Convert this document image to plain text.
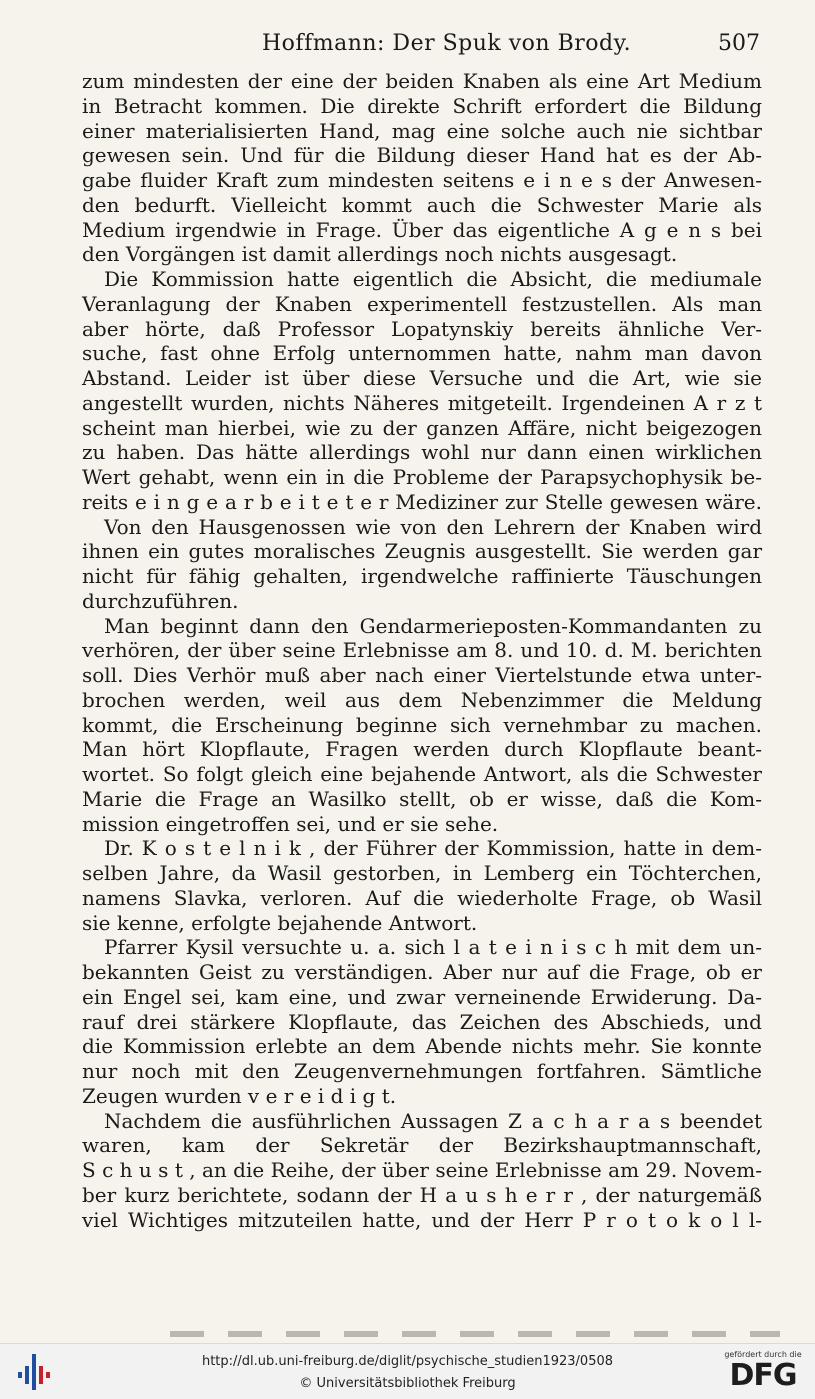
Hoffmann: Der Spuk von Brody.	507
zum mindesten der eine der beiden Knaben als eine Art Medium
in Betracht kommen. Die direkte Schrift erfordert die Bildung
einer materialisierten Hand, mag eine solche auch nie sichtbar
gewesen sein. Und für die Bildung dieser Hand hat es der Ab-
gabe fluider Kraft zum mindesten seitens e i n e s der Anwesen-
den bedurft. Vielleicht kommt auch die Schwester Marie als
Medium irgendwie in Frage. Über das eigentliche A g e n s bei
den Vorgängen ist damit allerdings noch nichts ausgesagt.
Die Kommission hatte eigentlich die Absicht, die mediumale
Veranlagung der Knaben experimentell festzustellen. Als man
aber hörte, daß Professor Lopatynskiy bereits ähnliche Ver-
suche, fast ohne Erfolg unternommen hatte, nahm man davon
Abstand. Leider ist über diese Versuche und die Art, wie sie
angestellt wurden, nichts Näheres mitgeteilt. Irgendeinen A r z t
scheint man hierbei, wie zu der ganzen Affäre, nicht beigezogen
zu haben. Das hätte allerdings wohl nur dann einen wirklichen
Wert gehabt, wenn ein in die Probleme der Parapsychophysik be-
reits e i n g e a r b e i t e t e r Mediziner zur Stelle gewesen wäre.
Von den Hausgenossen wie von den Lehrern der Knaben wird
ihnen ein gutes moralisches Zeugnis ausgestellt. Sie werden gar
nicht für fähig gehalten, irgendwelche raffinierte Täuschungen
durchzuführen.
Man beginnt dann den Gendarmerieposten-Kommandanten zu
verhören, der über seine Erlebnisse am 8. und 10. d. M. berichten
soll. Dies Verhör muß aber nach einer Viertelstunde etwa unter-
brochen werden, weil aus dem Nebenzimmer die Meldung
kommt, die Erscheinung beginne sich vernehmbar zu machen.
Man hört Klopflaute, Fragen werden durch Klopflaute beant-
wortet. So folgt gleich eine bejahende Antwort, als die Schwester
Marie die Frage an Wasilko stellt, ob er wisse, daß die Kom-
mission eingetroffen sei, und er sie sehe.
Dr. K o s t e l n i k , der Führer der Kommission, hatte in dem-
selben Jahre, da Wasil gestorben, in Lemberg ein Töchterchen,
namens Slavka, verloren. Auf die wiederholte Frage, ob Wasil
sie kenne, erfolgte bejahende Antwort.
Pfarrer Kysil versuchte u. a. sich l a t e i n i s c h mit dem un-
bekannten Geist zu verständigen. Aber nur auf die Frage, ob er
ein Engel sei, kam eine, und zwar verneinende Erwiderung. Da-
rauf drei stärkere Klopflaute, das Zeichen des Abschieds, und
die Kommission erlebte an dem Abende nichts mehr. Sie konnte
nur noch mit den Zeugenvernehmungen fortfahren. Sämtliche
Zeugen wurden v e r e i d i g t.
Nachdem die ausführlichen Aussagen Z a c h a r a s beendet
waren, kam der Sekretär der Bezirkshauptmannschaft,
S c h u s t , an die Reihe, der über seine Erlebnisse am 29. Novem-
ber kurz berichtete, sodann der H a u s h e r r , der naturgemäß
viel Wichtiges mitzuteilen hatte, und der Herr P r o t o k o l l-
http://dl.ub.uni-freiburg.de/diglit/psychische_studien1923/0508
© Universitätsbibliothek Freiburg
gefördert durch die
DFG
